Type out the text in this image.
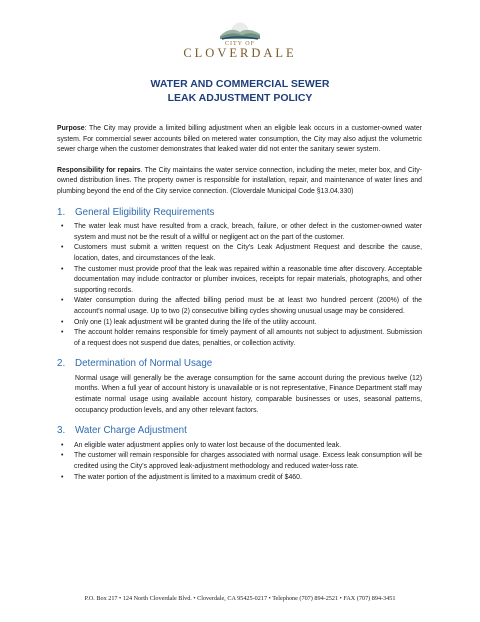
CITY OF
CLOVERDALE
WATER AND COMMERCIAL SEWER
LEAK ADJUSTMENT POLICY

Purpose: The City may provide a limited billing adjustment when an eligible leak occurs in a customer-owned water system. For commercial sewer accounts billed on metered water consumption, the City may also adjust the volumetric sewer charge when the customer demonstrates that leaked water did not enter the sanitary sewer system.

Responsibility for repairs. The City maintains the water service connection, including the meter, meter box, and City-owned distribution lines. The property owner is responsible for installation, repair, and maintenance of water lines and plumbing beyond the end of the City service connection. (Cloverdale Municipal Code §13.04.330)

1. General Eligibility Requirements
• The water leak must have resulted from a crack, breach, failure, or other defect in the customer-owned water system and must not be the result of a willful or negligent act on the part of the customer.
• Customers must submit a written request on the City’s Leak Adjustment Request and describe the cause, location, dates, and circumstances of the leak.
• The customer must provide proof that the leak was repaired within a reasonable time after discovery. Acceptable documentation may include contractor or plumber invoices, receipts for repair materials, photographs, and other supporting records.
• Water consumption during the affected billing period must be at least two hundred percent (200%) of the account’s normal usage. Up to two (2) consecutive billing cycles showing unusual usage may be considered.
• Only one (1) leak adjustment will be granted during the life of the utility account.
• The account holder remains responsible for timely payment of all amounts not subject to adjustment. Submission of a request does not suspend due dates, penalties, or collection activity.
2. Determination of Normal Usage
Normal usage will generally be the average consumption for the same account during the previous twelve (12) months. When a full year of account history is unavailable or is not representative, Finance Department staff may estimate normal usage using available account history, comparable businesses or uses, seasonal patterns, occupancy production levels, and any other relevant factors.
3. Water Charge Adjustment
• An eligible water adjustment applies only to water lost because of the documented leak.
• The customer will remain responsible for charges associated with normal usage. Excess leak consumption will be credited using the City’s approved leak-adjustment methodology and reduced water-loss rate.
• The water portion of the adjustment is limited to a maximum credit of $460.
P.O. Box 217 • 124 North Cloverdale Blvd. • Cloverdale, CA 95425-0217 • Telephone (707) 894-2521 • FAX (707) 894-3451
